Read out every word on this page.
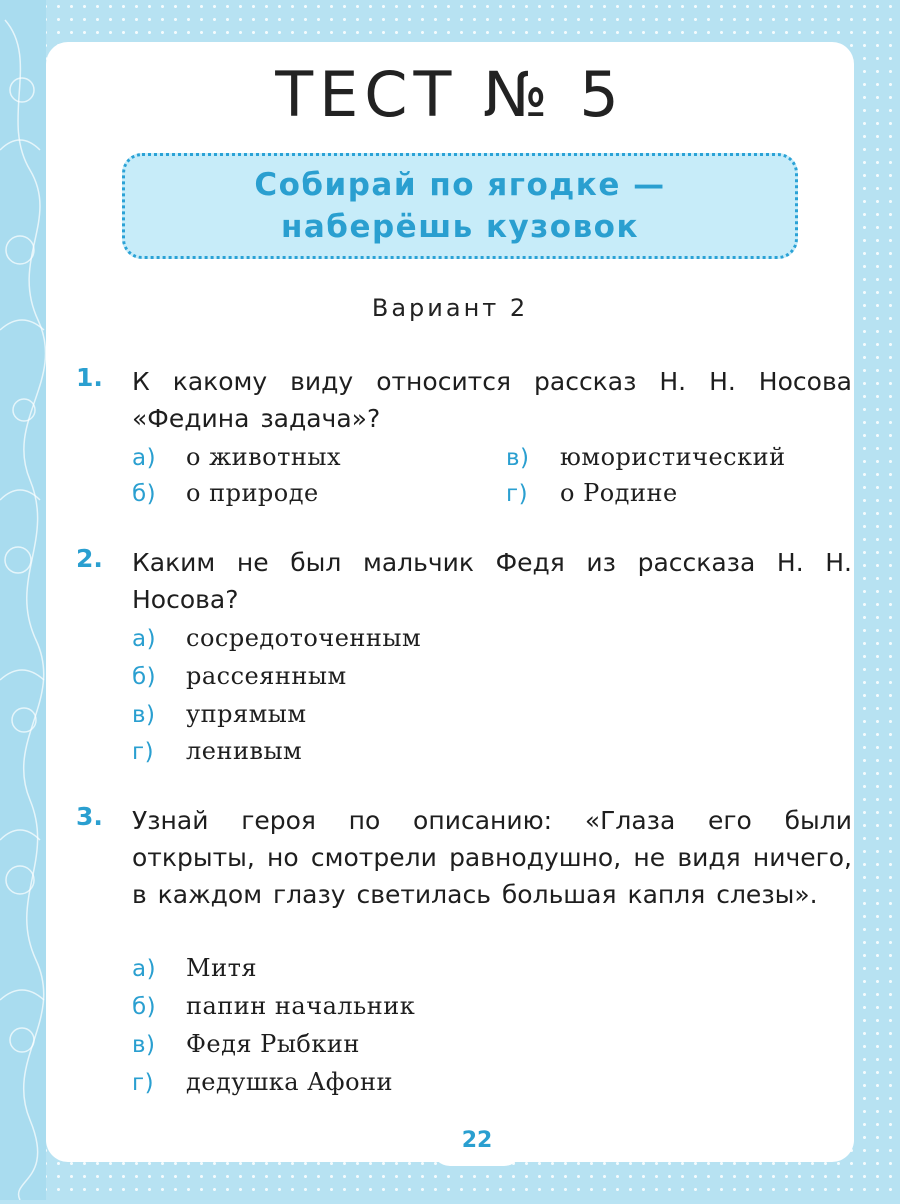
ТЕСТ № 5
Собирай по ягодке —
наберёшь кузовок
Вариант 2
1. К какому виду относится рассказ Н. Н. Носова «Федина задача»?
а) о животных
б) о природе
в) юмористический
г) о Родине
2. Каким не был мальчик Федя из рассказа Н. Н. Носова?
а) сосредоточенным
б) рассеянным
в) упрямым
г) ленивым
3. Узнай героя по описанию: «Глаза его были открыты, но смотрели равнодушно, не видя ничего, в каждом глазу светилась большая капля слезы».
а) Митя
б) папин начальник
в) Федя Рыбкин
г) дедушка Афони
22
